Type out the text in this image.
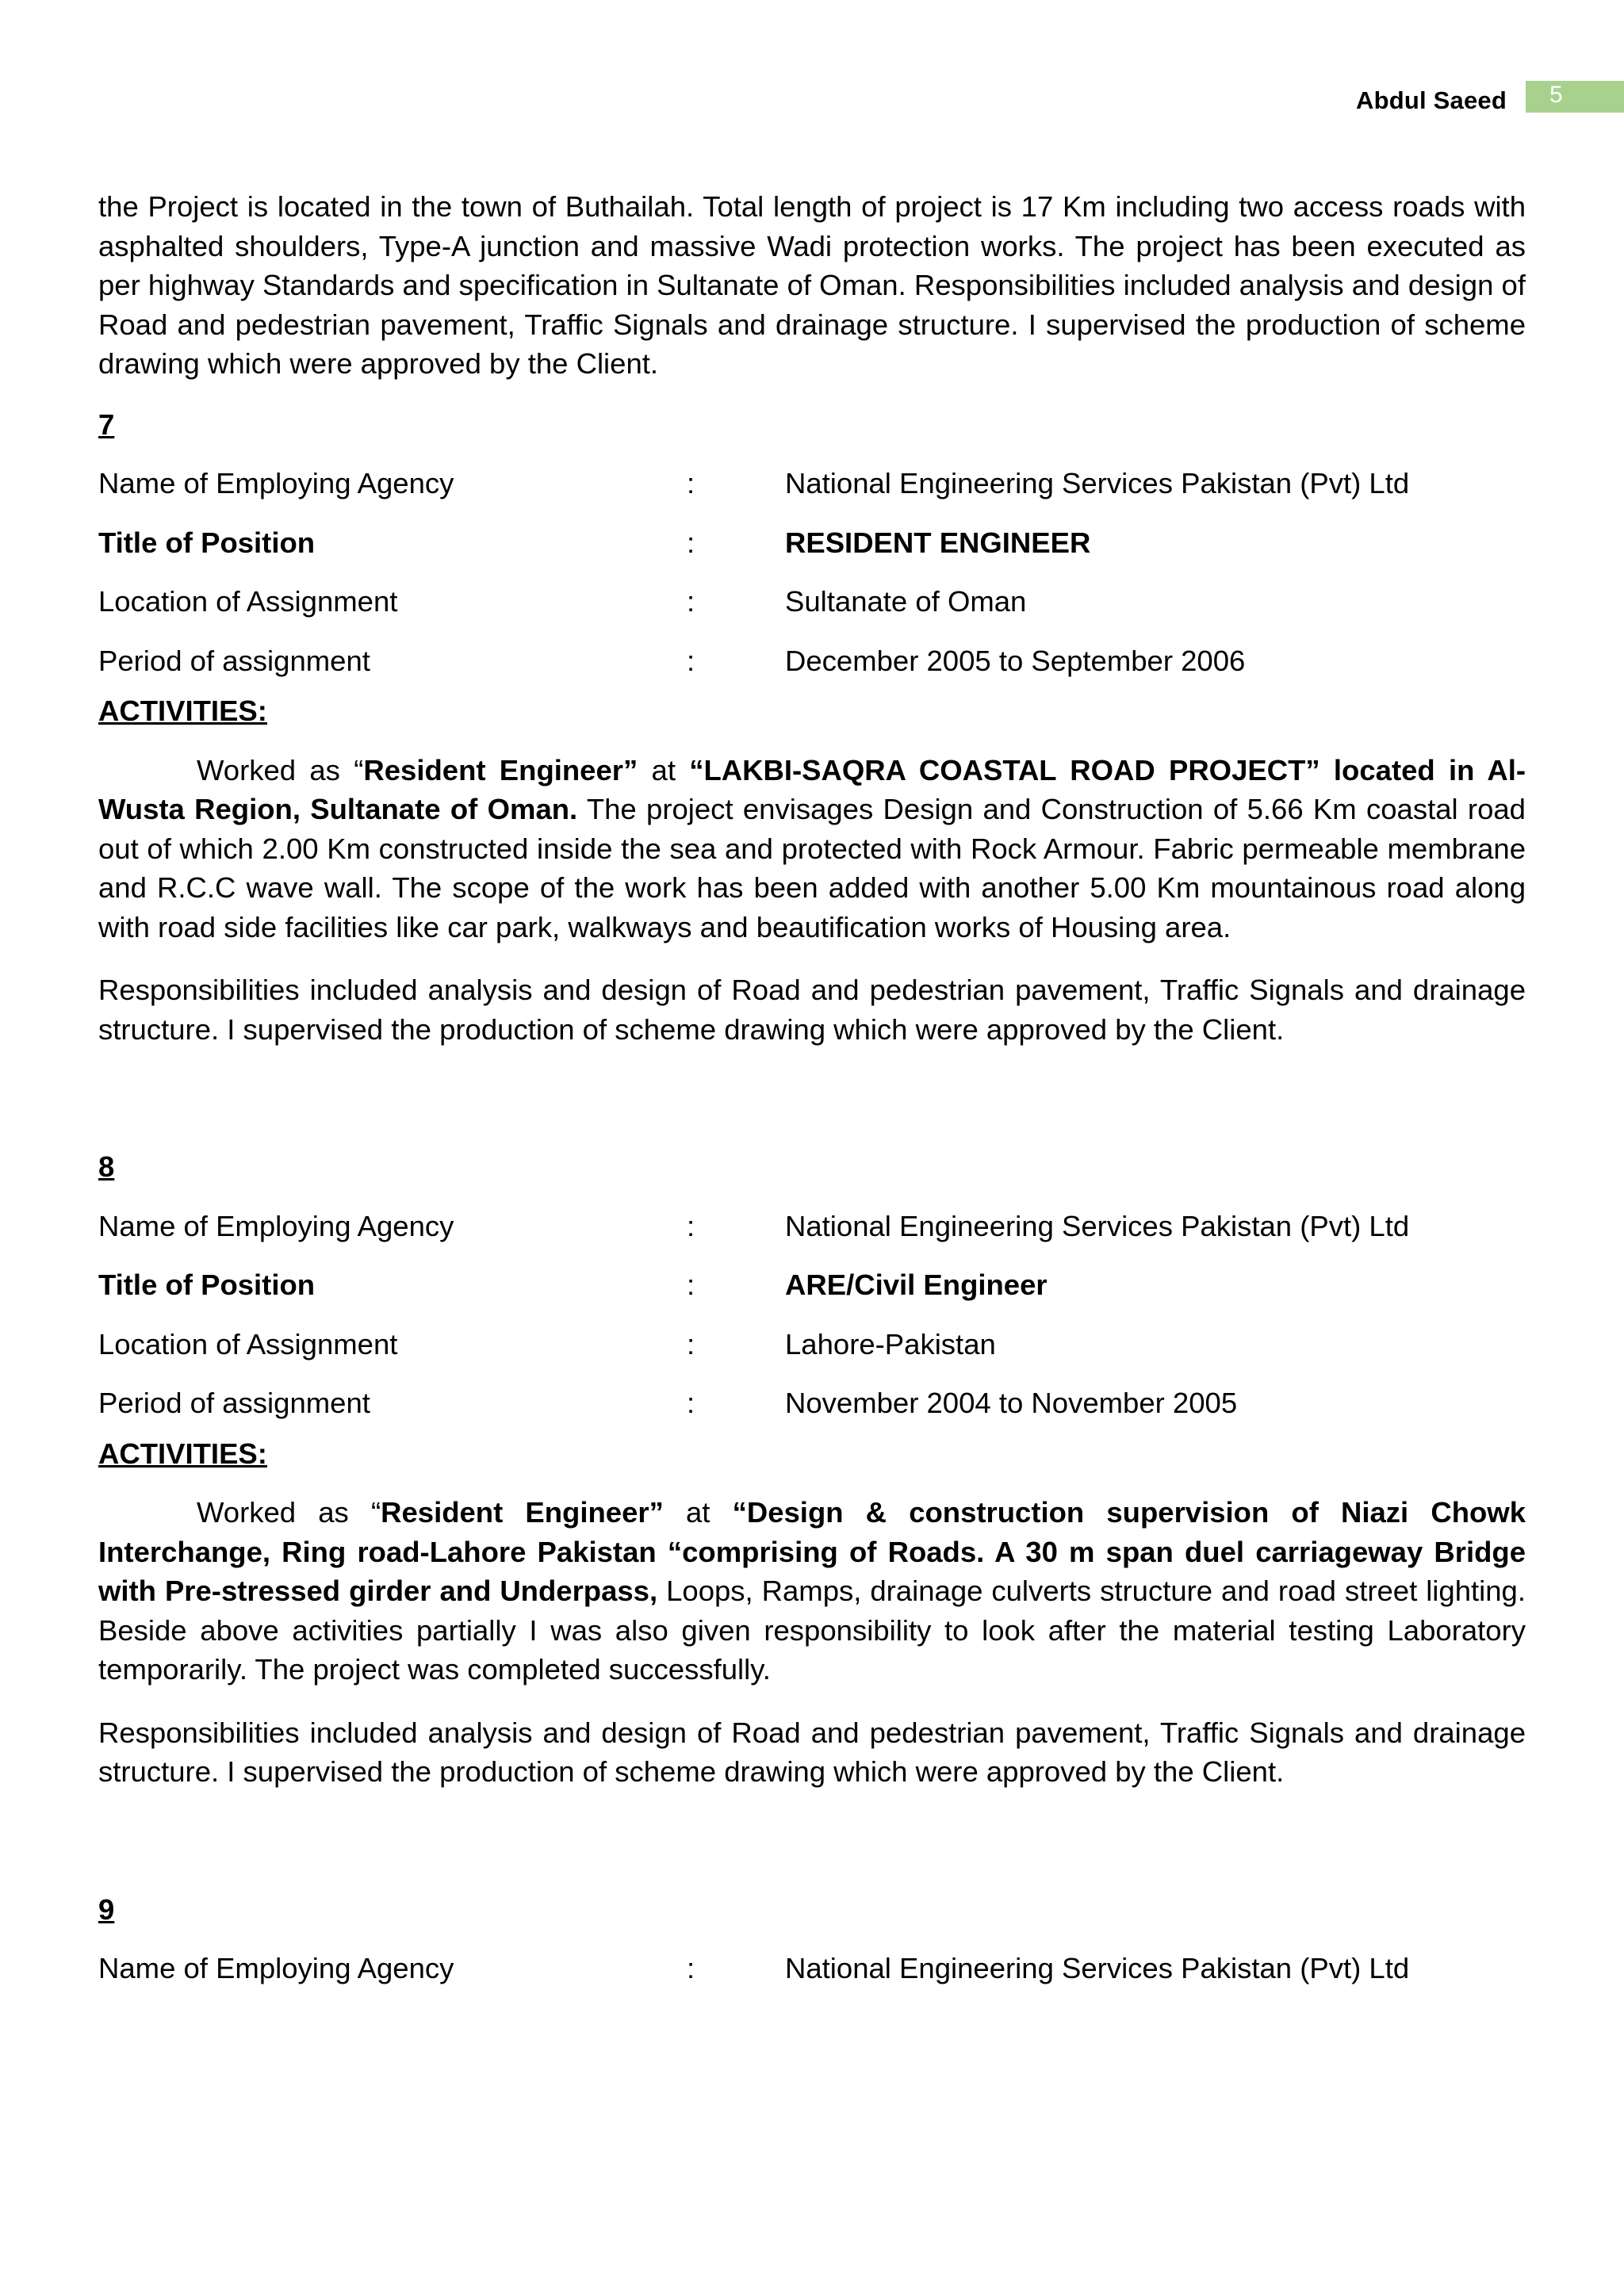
Abdul Saeed	5

the Project is located in the town of Buthailah. Total length of project is 17 Km including two access roads with asphalted shoulders, Type-A junction and massive Wadi protection works. The project has been executed as per highway Standards and specification in Sultanate of Oman. Responsibilities included analysis and design of Road and pedestrian pavement, Traffic Signals and drainage structure. I supervised the production of scheme drawing which were approved by the Client.

7

Name of Employing Agency	:	National Engineering Services Pakistan (Pvt) Ltd
Title of Position	:	RESIDENT ENGINEER
Location of Assignment	:	Sultanate of Oman
Period of assignment	:	December 2005 to September 2006

ACTIVITIES:

Worked as “Resident Engineer” at “LAKBI-SAQRA COASTAL ROAD PROJECT” located in Al-Wusta Region, Sultanate of Oman. The project envisages Design and Construction of 5.66 Km coastal road out of which 2.00 Km constructed inside the sea and protected with Rock Armour. Fabric permeable membrane and R.C.C wave wall. The scope of the work has been added with another 5.00 Km mountainous road along with road side facilities like car park, walkways and beautification works of Housing area.

Responsibilities included analysis and design of Road and pedestrian pavement, Traffic Signals and drainage structure. I supervised the production of scheme drawing which were approved by the Client.

8

Name of Employing Agency	:	National Engineering Services Pakistan (Pvt) Ltd
Title of Position	:	ARE/Civil Engineer
Location of Assignment	:	Lahore-Pakistan
Period of assignment	:	November 2004 to November 2005

ACTIVITIES:

Worked as “Resident Engineer” at “Design & construction supervision of Niazi Chowk Interchange, Ring road-Lahore Pakistan “comprising of Roads. A 30 m span duel carriageway Bridge with Pre-stressed girder and Underpass, Loops, Ramps, drainage culverts structure and road street lighting. Beside above activities partially I was also given responsibility to look after the material testing Laboratory temporarily. The project was completed successfully.

Responsibilities included analysis and design of Road and pedestrian pavement, Traffic Signals and drainage structure. I supervised the production of scheme drawing which were approved by the Client.

9

Name of Employing Agency	:	National Engineering Services Pakistan (Pvt) Ltd
